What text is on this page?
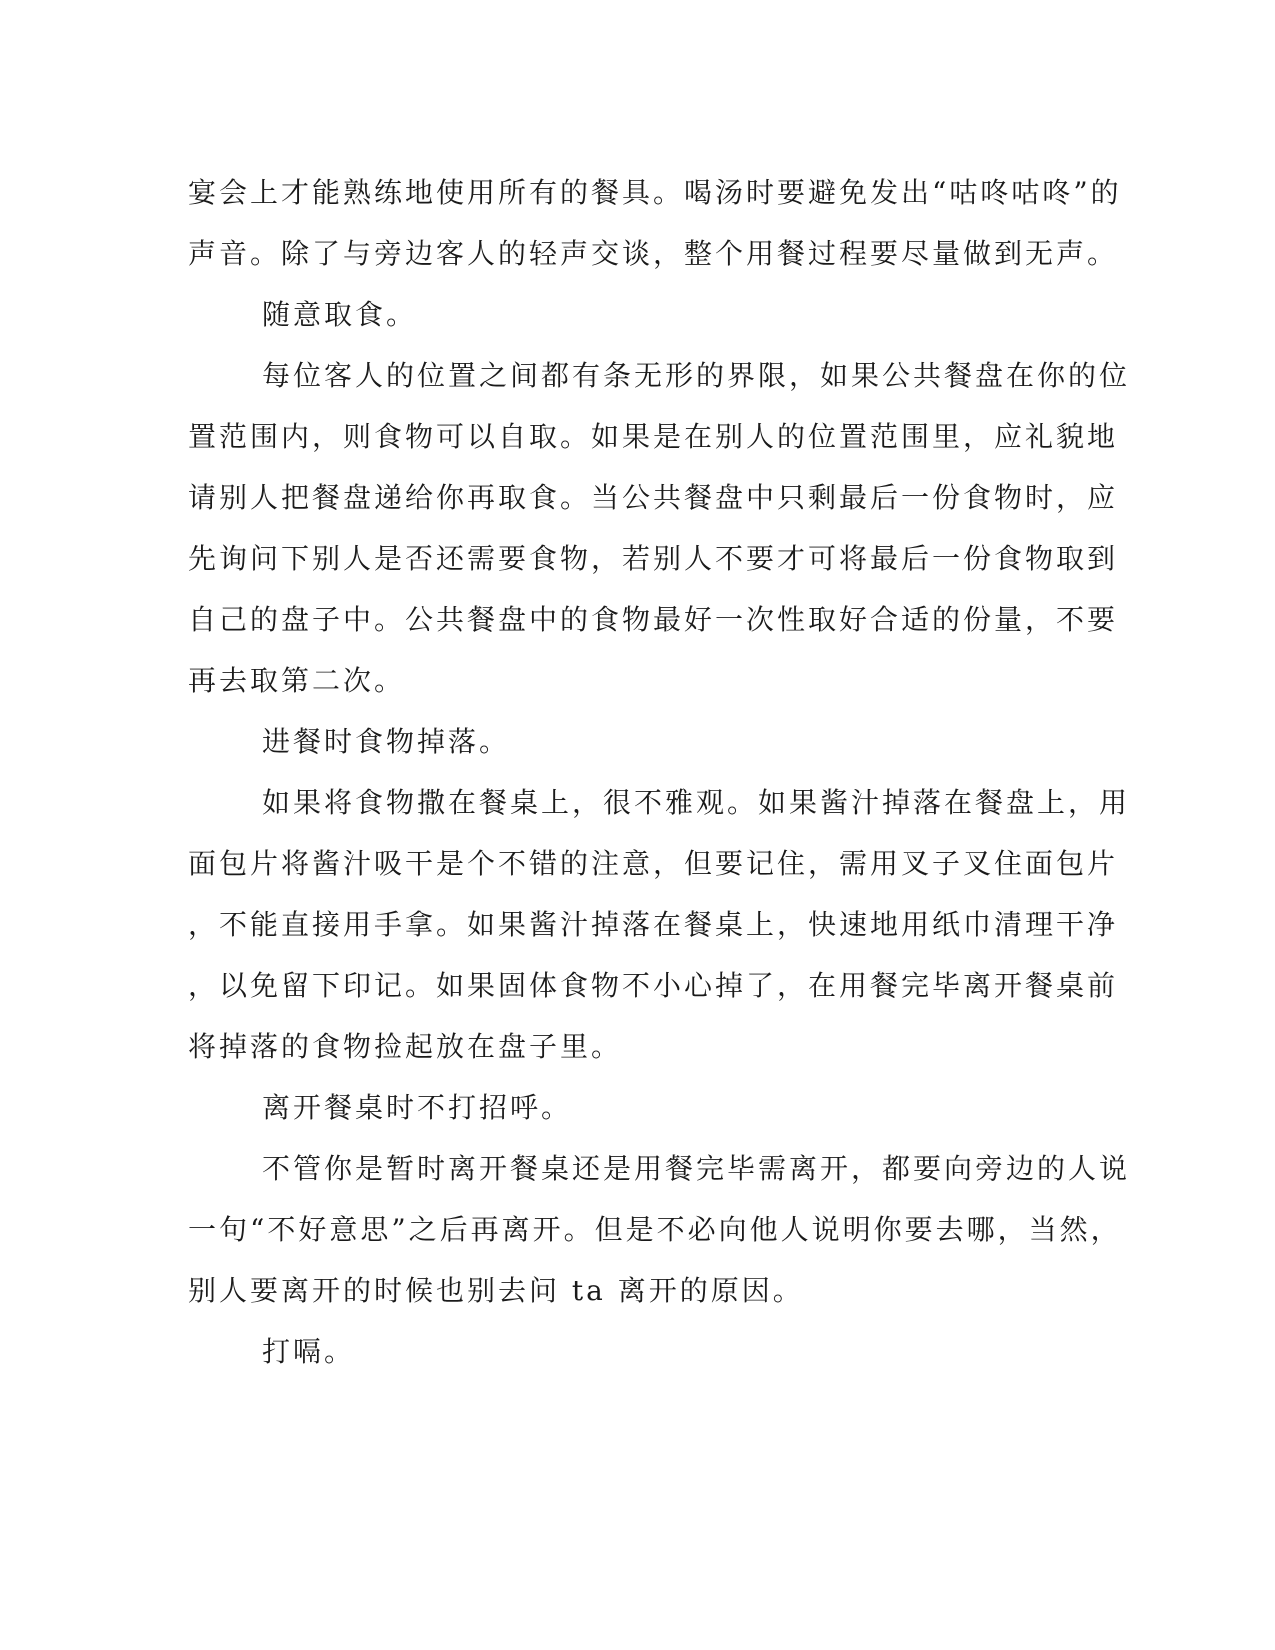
宴会上才能熟练地使用所有的餐具。喝汤时要避免发出“咕咚咕咚”的
声音。除了与旁边客人的轻声交谈，整个用餐过程要尽量做到无声。
随意取食。
每位客人的位置之间都有条无形的界限，如果公共餐盘在你的位
置范围内，则食物可以自取。如果是在别人的位置范围里，应礼貌地
请别人把餐盘递给你再取食。当公共餐盘中只剩最后一份食物时，应
先询问下别人是否还需要食物，若别人不要才可将最后一份食物取到
自己的盘子中。公共餐盘中的食物最好一次性取好合适的份量，不要
再去取第二次。
进餐时食物掉落。
如果将食物撒在餐桌上，很不雅观。如果酱汁掉落在餐盘上，用
面包片将酱汁吸干是个不错的注意，但要记住，需用叉子叉住面包片
，不能直接用手拿。如果酱汁掉落在餐桌上，快速地用纸巾清理干净
，以免留下印记。如果固体食物不小心掉了，在用餐完毕离开餐桌前
将掉落的食物捡起放在盘子里。
离开餐桌时不打招呼。
不管你是暂时离开餐桌还是用餐完毕需离开，都要向旁边的人说
一句“不好意思”之后再离开。但是不必向他人说明你要去哪，当然，
别人要离开的时候也别去问 ta 离开的原因。
打嗝。
